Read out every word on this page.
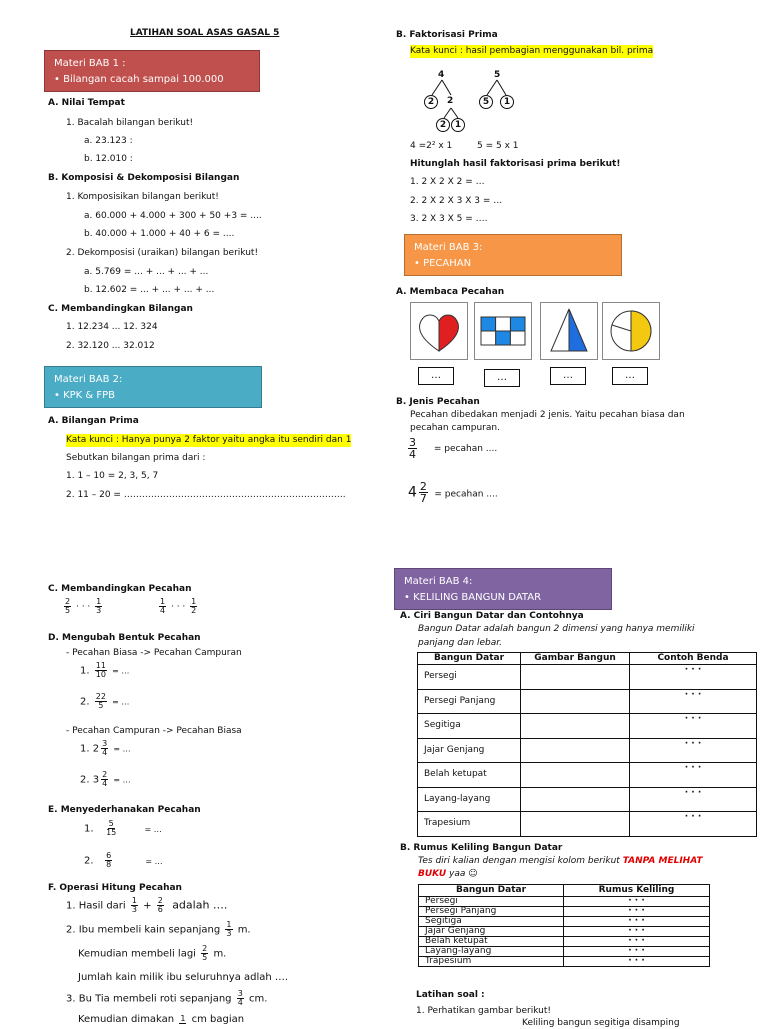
LATIHAN SOAL ASAS GASAL 5
Materi BAB 1 :
• Bilangan cacah sampai 100.000
A. Nilai Tempat
1. Bacalah bilangan berikut!
a. 23.123 :
b. 12.010 :
B. Komposisi & Dekomposisi Bilangan
1. Komposisikan bilangan berikut!
a. 60.000 + 4.000 + 300 + 50 +3 = ....
b. 40.000 + 1.000 + 40 + 6 = ....
2. Dekomposisi (uraikan) bilangan berikut!
a. 5.769 = ... + ... + ... + ...
b. 12.602 = ... + ... + ... + ...
C. Membandingkan Bilangan
1. 12.234 ... 12. 324
2. 32.120 ... 32.012
Materi BAB 2:
• KPK & FPB
A. Bilangan Prima
Kata kunci : Hanya punya 2 faktor yaitu angka itu sendiri dan 1
Sebutkan bilangan prima dari :
1. 1 – 10 = 2, 3, 5, 7
2. 11 – 20 = ………………………………………………………………..
C. Membandingkan Pecahan
$\frac{2}{5}$ · · · $\frac{1}{3}$	$\frac{1}{4}$ · · · $\frac{1}{2}$
D. Mengubah Bentuk Pecahan
- Pecahan Biasa -> Pecahan Campuran
1. $\frac{11}{10}$ = …
2. $\frac{22}{5}$ = …
- Pecahan Campuran -> Pecahan Biasa
1. $2 \frac{3}{4}$ = …
2. $3 \frac{2}{4}$ = …
E. Menyederhanakan Pecahan
1. $\frac{5}{15}$	= …
2. $\frac{6}{8}$	= …
F. Operasi Hitung Pecahan
1. Hasil dari $\frac{1}{3} + \frac{2}{6}$ adalah ….
2. Ibu membeli kain sepanjang $\frac{1}{3} m$.
Kemudian membeli lagi $\frac{2}{5} m$.
Jumlah kain milik ibu seluruhnya adlah ….
3. Bu Tia membeli roti sepanjang $\frac{3}{4}$ cm.
Kemudian dimakan 1 cm bagian
B. Faktorisasi Prima
Kata kunci : hasil pembagian menggunakan bil. prima
4
2	2
2 1
5
5	1
4 =2² x 1	5 = 5 x 1
Hitunglah hasil faktorisasi prima berikut!
1. 2 X 2 X 2 = …
2. 2 X 2 X 3 X 3 = …
3. 2 X 3 X 5 = ….
Materi BAB 3:
• PECAHAN
A. Membaca Pecahan
…	…	…	…
B. Jenis Pecahan
Pecahan dibedakan menjadi 2 jenis. Yaitu pecahan biasa dan
pecahan campuran.
$\frac{3}{4}$ = pecahan ....
$4 \frac{2}{7}$ = pecahan ....
Materi BAB 4:
• KELILING BANGUN DATAR
A. Ciri Bangun Datar dan Contohnya
Bangun Datar adalah bangun 2 dimensi yang hanya memiliki
panjang dan lebar.
Bangun Datar	Gambar Bangun	Contoh Benda
Persegi		· · ·
Persegi Panjang		· · ·
Segitiga		· · ·
Jajar Genjang		· · ·
Belah ketupat		· · ·
Layang-layang		· · ·
Trapesium		· · ·
B. Rumus Keliling Bangun Datar
Tes diri kalian dengan mengisi kolom berikut TANPA MELIHAT
BUKU yaa ☺
Bangun Datar	Rumus Keliling
Persegi	· · ·
Persegi Panjang	· · ·
Segitiga	· · ·
Jajar Genjang	· · ·
Belah ketupat	· · ·
Layang-layang	· · ·
Trapesium	· · ·
Latihan soal :
1. Perhatikan gambar berikut!
Keliling bangun segitiga disamping
